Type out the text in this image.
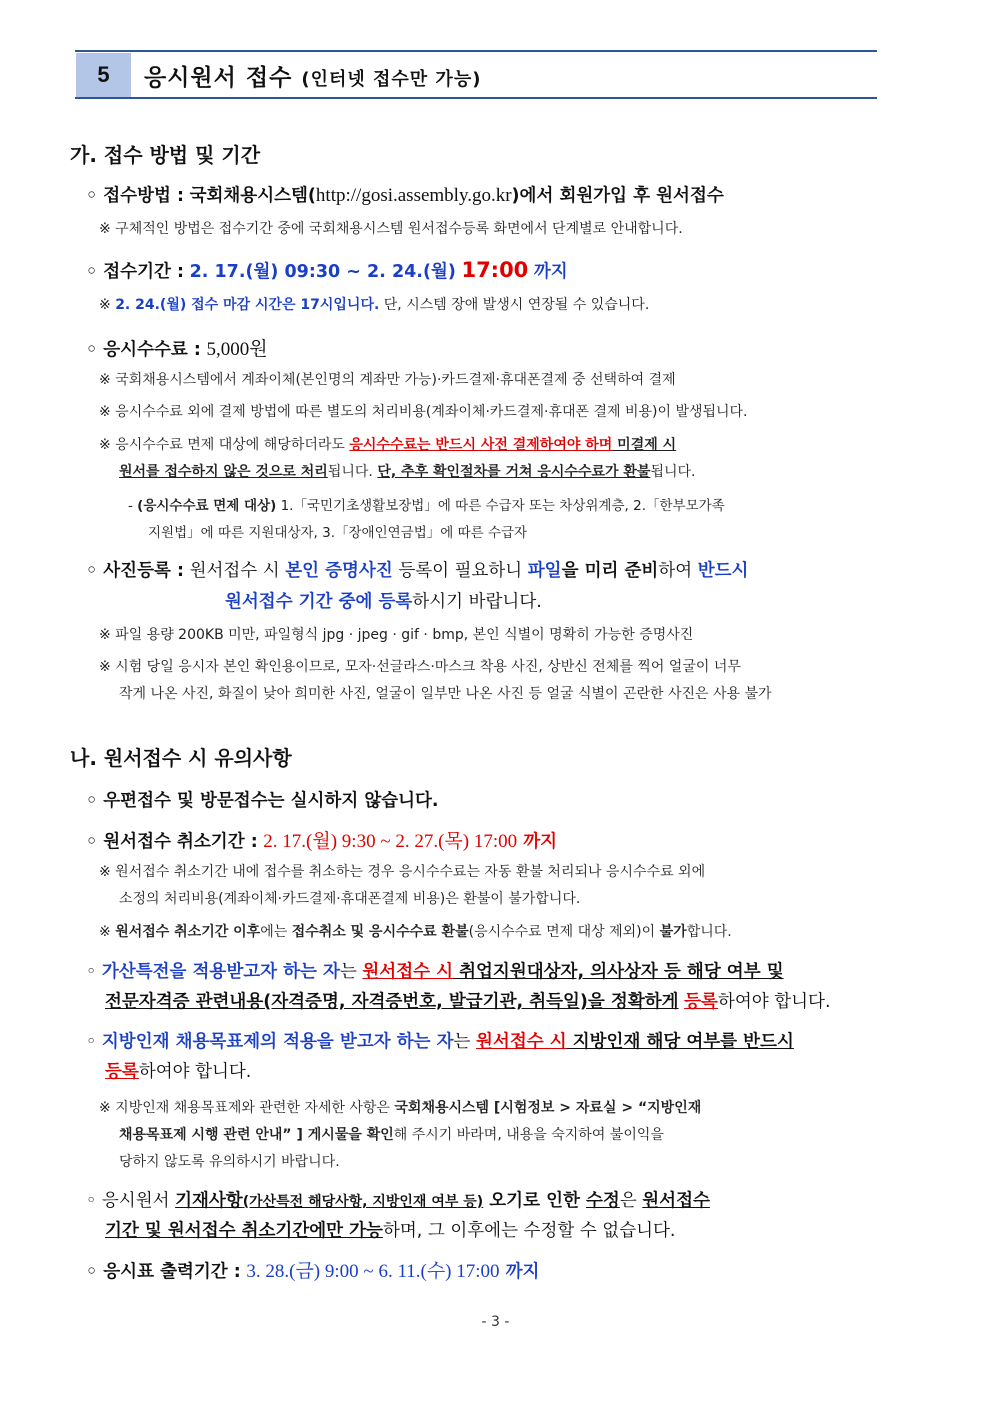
5	응시원서 접수 (인터넷 접수만 가능)
가. 접수 방법 및 기간
◦ 접수방법 : 국회채용시스템(http://gosi.assembly.go.kr)에서 회원가입 후 원서접수
※ 구체적인 방법은 접수기간 중에 국회채용시스템 원서접수등록 화면에서 단계별로 안내합니다.
◦ 접수기간 : 2. 17.(월) 09:30 ~ 2. 24.(월) 17:00 까지
※ 2. 24.(월) 접수 마감 시간은 17시입니다. 단, 시스템 장애 발생시 연장될 수 있습니다.
◦ 응시수수료 : 5,000원
※ 국회채용시스템에서 계좌이체(본인명의 계좌만 가능)·카드결제·휴대폰결제 중 선택하여 결제
※ 응시수수료 외에 결제 방법에 따른 별도의 처리비용(계좌이체·카드결제·휴대폰 결제 비용)이 발생됩니다.
※ 응시수수료 면제 대상에 해당하더라도 응시수수료는 반드시 사전 결제하여야 하며 미결제 시
원서를 접수하지 않은 것으로 처리됩니다. 단, 추후 확인절차를 거쳐 응시수수료가 환불됩니다.
- (응시수수료 면제 대상) 1.「국민기초생활보장법」에 따른 수급자 또는 차상위계층, 2.「한부모가족
지원법」에 따른 지원대상자, 3.「장애인연금법」에 따른 수급자
◦ 사진등록 : 원서접수 시 본인 증명사진 등록이 필요하니 파일을 미리 준비하여 반드시
원서접수 기간 중에 등록하시기 바랍니다.
※ 파일 용량 200KB 미만, 파일형식 jpg · jpeg · gif · bmp, 본인 식별이 명확히 가능한 증명사진
※ 시험 당일 응시자 본인 확인용이므로, 모자·선글라스·마스크 착용 사진, 상반신 전체를 찍어 얼굴이 너무
작게 나온 사진, 화질이 낮아 희미한 사진, 얼굴이 일부만 나온 사진 등 얼굴 식별이 곤란한 사진은 사용 불가
나. 원서접수 시 유의사항
◦ 우편접수 및 방문접수는 실시하지 않습니다.
◦ 원서접수 취소기간 : 2. 17.(월) 9:30 ~ 2. 27.(목) 17:00 까지
※ 원서접수 취소기간 내에 접수를 취소하는 경우 응시수수료는 자동 환불 처리되나 응시수수료 외에
소정의 처리비용(계좌이체·카드결제·휴대폰결제 비용)은 환불이 불가합니다.
※ 원서접수 취소기간 이후에는 접수취소 및 응시수수료 환불(응시수수료 면제 대상 제외)이 불가합니다.
◦ 가산특전을 적용받고자 하는 자는 원서접수 시 취업지원대상자, 의사상자 등 해당 여부 및
전문자격증 관련내용(자격증명, 자격증번호, 발급기관, 취득일)을 정확하게 등록하여야 합니다.
◦ 지방인재 채용목표제의 적용을 받고자 하는 자는 원서접수 시 지방인재 해당 여부를 반드시
등록하여야 합니다.
※ 지방인재 채용목표제와 관련한 자세한 사항은 국회채용시스템 [시험정보 > 자료실 > “지방인재
채용목표제 시행 관련 안내” ] 게시물을 확인해 주시기 바라며, 내용을 숙지하여 불이익을
당하지 않도록 유의하시기 바랍니다.
◦ 응시원서 기재사항(가산특전 해당사항, 지방인재 여부 등) 오기로 인한 수정은 원서접수
기간 및 원서접수 취소기간에만 가능하며, 그 이후에는 수정할 수 없습니다.
◦ 응시표 출력기간 : 3. 28.(금) 9:00 ~ 6. 11.(수) 17:00 까지
- 3 -
